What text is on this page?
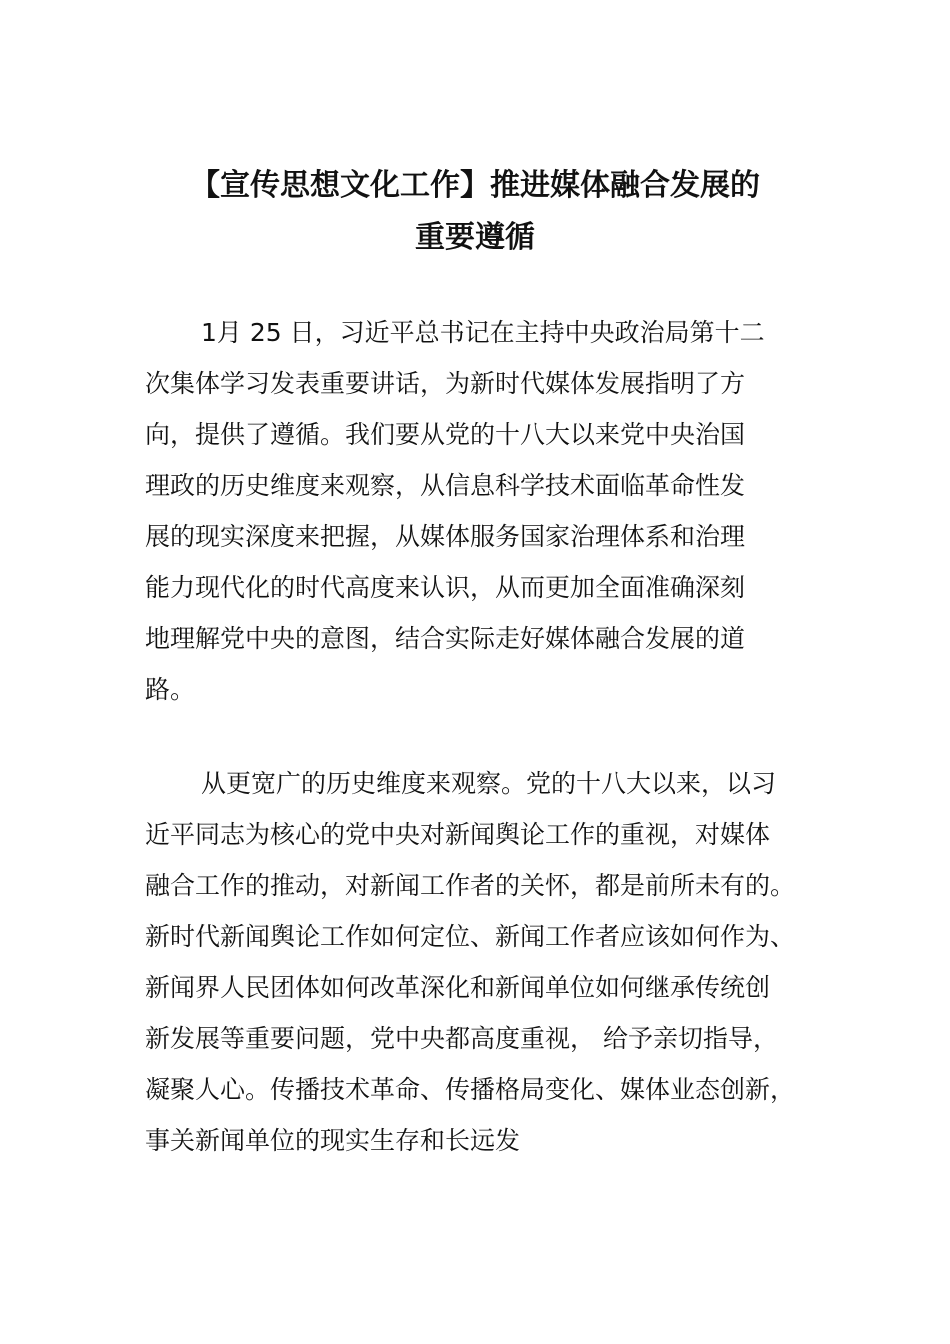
【宣传思想文化工作】推进媒体融合发展的
重要遵循
1月 25 日，习近平总书记在主持中央政治局第十二
次集体学习发表重要讲话，为新时代媒体发展指明了方
向，提供了遵循。我们要从党的十八大以来党中央治国
理政的历史维度来观察，从信息科学技术面临革命性发
展的现实深度来把握，从媒体服务国家治理体系和治理
能力现代化的时代高度来认识，从而更加全面准确深刻
地理解党中央的意图，结合实际走好媒体融合发展的道
路。
从更宽广的历史维度来观察。党的十八大以来，以习
近平同志为核心的党中央对新闻舆论工作的重视，对媒体
融合工作的推动，对新闻工作者的关怀，都是前所未有的。
新时代新闻舆论工作如何定位、新闻工作者应该如何作为、
新闻界人民团体如何改革深化和新闻单位如何继承传统创
新发展等重要问题，党中央都高度重视， 给予亲切指导，
凝聚人心。传播技术革命、传播格局变化、媒体业态创新，
事关新闻单位的现实生存和长远发
